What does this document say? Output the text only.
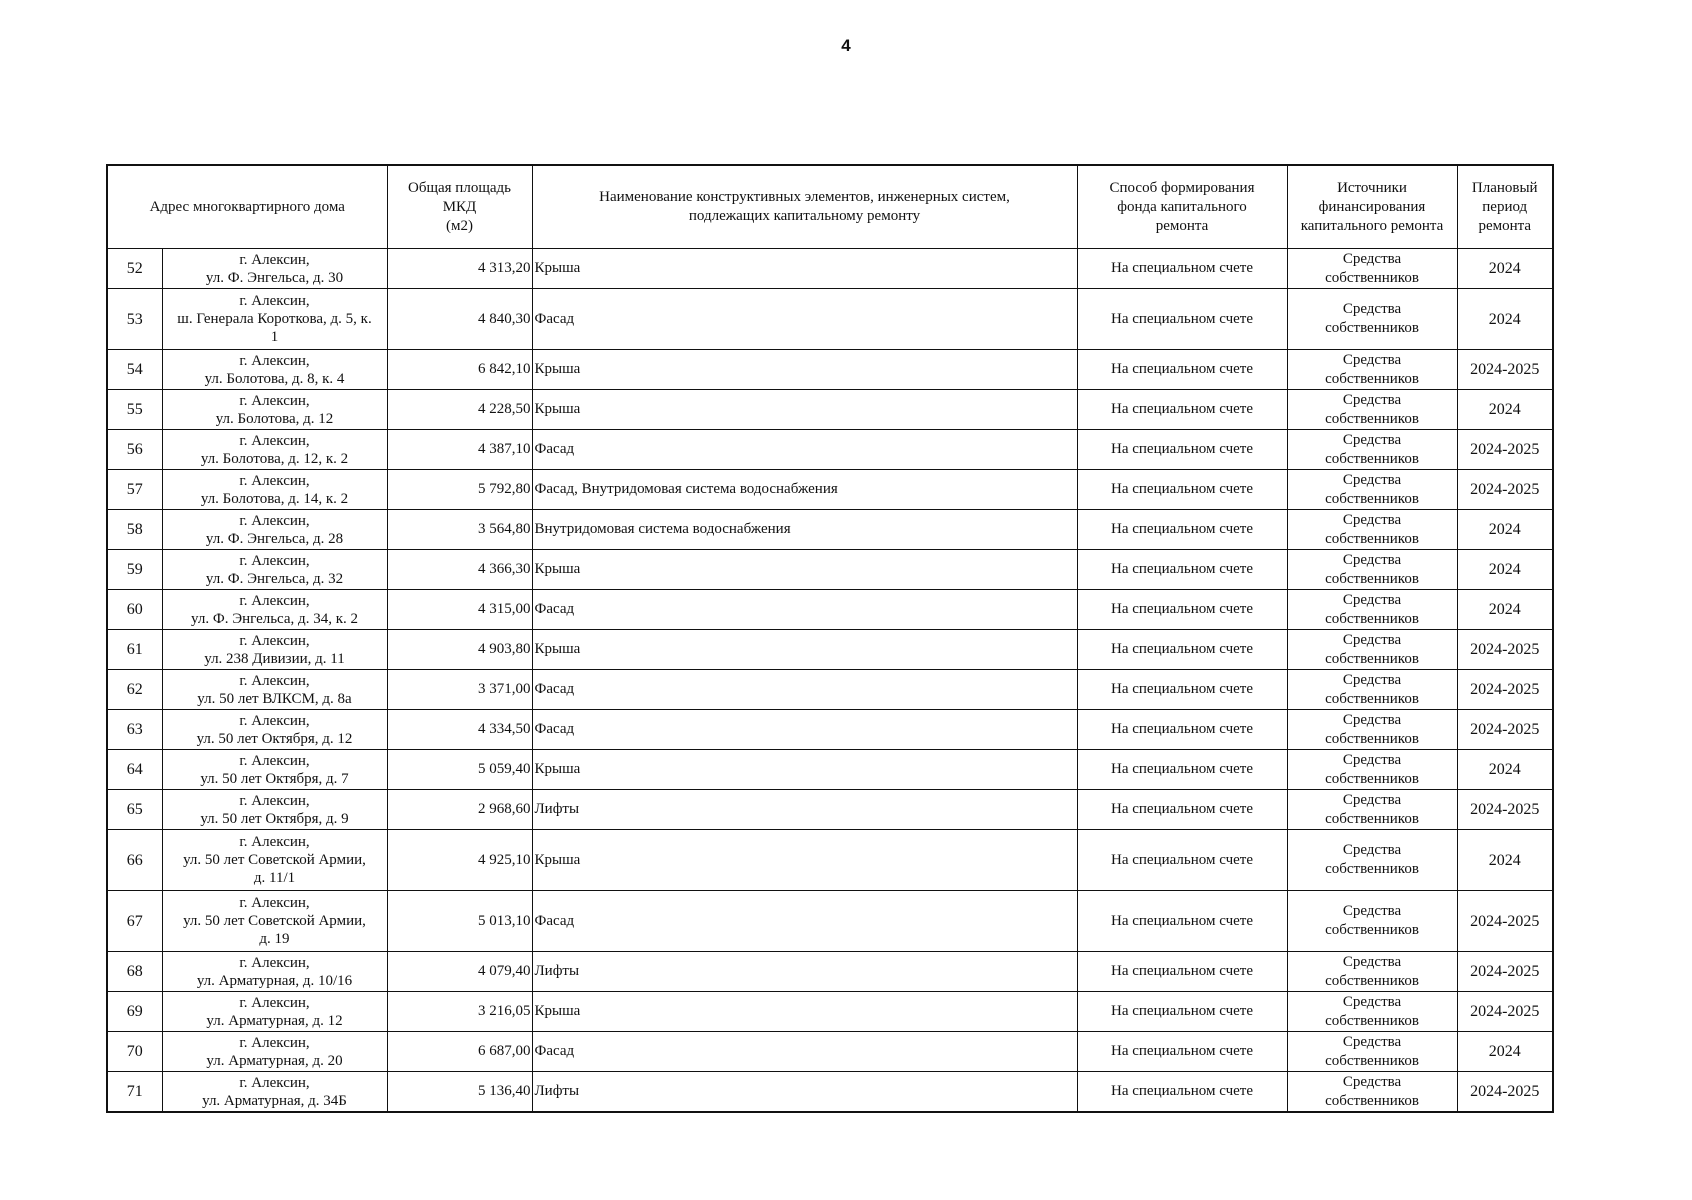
4
Адрес многоквартирного дома		Общая площадь
МКД
(м2)	Наименование конструктивных элементов, инженерных систем,
подлежащих капитальному ремонту	Способ формирования
фонда капитального
ремонта	Источники
финансирования
капитального ремонта	Плановый
период
ремонта

52	г. Алексин,
ул. Ф. Энгельса, д. 30	4 313,20	Крыша	На специальном счете	Средства
собственников	2024
53	г. Алексин,
ш. Генерала Короткова, д. 5, к.
1	4 840,30	Фасад	На специальном счете	Средства
собственников	2024
54	г. Алексин,
ул. Болотова, д. 8, к. 4	6 842,10	Крыша	На специальном счете	Средства
собственников	2024-2025
55	г. Алексин,
ул. Болотова, д. 12	4 228,50	Крыша	На специальном счете	Средства
собственников	2024
56	г. Алексин,
ул. Болотова, д. 12, к. 2	4 387,10	Фасад	На специальном счете	Средства
собственников	2024-2025
57	г. Алексин,
ул. Болотова, д. 14, к. 2	5 792,80	Фасад, Внутридомовая система водоснабжения	На специальном счете	Средства
собственников	2024-2025
58	г. Алексин,
ул. Ф. Энгельса, д. 28	3 564,80	Внутридомовая система водоснабжения	На специальном счете	Средства
собственников	2024
59	г. Алексин,
ул. Ф. Энгельса, д. 32	4 366,30	Крыша	На специальном счете	Средства
собственников	2024
60	г. Алексин,
ул. Ф. Энгельса, д. 34, к. 2	4 315,00	Фасад	На специальном счете	Средства
собственников	2024
61	г. Алексин,
ул. 238 Дивизии, д. 11	4 903,80	Крыша	На специальном счете	Средства
собственников	2024-2025
62	г. Алексин,
ул. 50 лет ВЛКСМ, д. 8а	3 371,00	Фасад	На специальном счете	Средства
собственников	2024-2025
63	г. Алексин,
ул. 50 лет Октября, д. 12	4 334,50	Фасад	На специальном счете	Средства
собственников	2024-2025
64	г. Алексин,
ул. 50 лет Октября, д. 7	5 059,40	Крыша	На специальном счете	Средства
собственников	2024
65	г. Алексин,
ул. 50 лет Октября, д. 9	2 968,60	Лифты	На специальном счете	Средства
собственников	2024-2025
66	г. Алексин,
ул. 50 лет Советской Армии,
д. 11/1	4 925,10	Крыша	На специальном счете	Средства
собственников	2024
67	г. Алексин,
ул. 50 лет Советской Армии,
д. 19	5 013,10	Фасад	На специальном счете	Средства
собственников	2024-2025
68	г. Алексин,
ул. Арматурная, д. 10/16	4 079,40	Лифты	На специальном счете	Средства
собственников	2024-2025
69	г. Алексин,
ул. Арматурная, д. 12	3 216,05	Крыша	На специальном счете	Средства
собственников	2024-2025
70	г. Алексин,
ул. Арматурная, д. 20	6 687,00	Фасад	На специальном счете	Средства
собственников	2024
71	г. Алексин,
ул. Арматурная, д. 34Б	5 136,40	Лифты	На специальном счете	Средства
собственников	2024-2025
